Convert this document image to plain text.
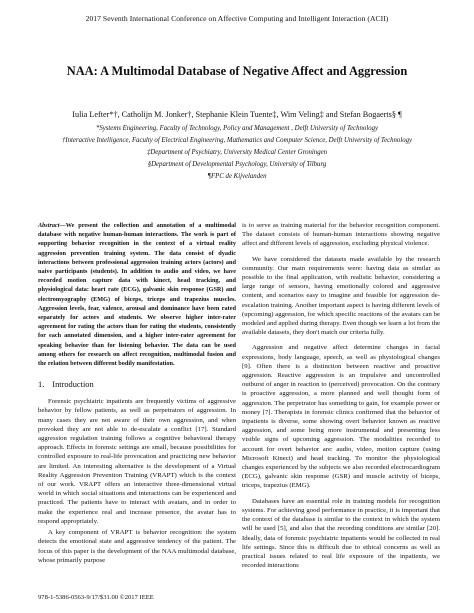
2017 Seventh International Conference on Affective Computing and Intelligent Interaction (ACII)
NAA: A Multimodal Database of Negative Affect and Aggression
Iulia Lefter*†, Catholijn M. Jonker†, Stephanie Klein Tuente‡, Wim Veling‡ and Stefan Bogaerts§ ¶
*Systems Engineering, Faculty of Technology, Policy and Management , Delft University of Technology
†Interactive Intelligence, Faculty of Electrical Engineering, Mathematics and Computer Science, Delft University of Technology
‡Department of Psychiatry, University Medical Center Groningen
§Department of Developmental Psychology, University of Tilburg
¶FPC de Kijvelanden

Abstract—We present the collection and annotation of a multimodal database with negative human-human interactions. The work is part of supporting behavior recognition in the context of a virtual reality aggression prevention training system. The data consist of dyadic interactions between professional aggression training actors (actors) and naive participants (students). In addition to audio and video, we have recorded motion capture data with kinect, head tracking, and physiological data: heart rate (ECG), galvanic skin response (GSR) and electromyography (EMG) of biceps, triceps and trapezius muscles. Aggression levels, fear, valence, arousal and dominance have been rated separately for actors and students. We observe higher inter-rater agreement for rating the actors than for rating the students, consistently for each annotated dimension, and a higher inter-rater agreement for speaking behavior than for listening behavior. The data can be used among others for research on affect recognition, multimodal fusion and the relation between different bodily manifestation.

1. Introduction

Forensic psychiatric inpatients are frequently victims of aggressive behavior by fellow patients, as well as perpetrators of aggression. In many cases they are not aware of their own aggression, and when provoked they are not able to de-escalate a conflict [17]. Standard aggression regulation training follows a cognitive behavioral therapy approach. Effects in forensic settings are small, because possibilities for controlled exposure to real-life provocation and practicing new behavior are limited. An interesting alternative is the development of a Virtual Reality Aggression Prevention Training (VRAPT) which is the context of our work. VRAPT offers an interactive three-dimensional virtual world in which social situations and interactions can be experienced and practiced. The patients have to interact with avatars, and in order to make the experience real and increase presence, the avatar has to respond appropriately.

A key component of VRAPT is behavior recognition: the system detects the emotional state and aggressive tendency of the patient. The focus of this paper is the development of the NAA multimodal database, whose primarily purpose

is to serve as training material for the behavior recognition component. The dataset consists of human-human interactions showing negative affect and different levels of aggression, excluding physical violence.

We have considered the datasets made available by the research community. Our main requirements were: having data as similar as possible to the final application, with realistic behavior, considering a large range of sensors, having emotionally colored and aggressive content, and scenarios easy to imagine and feasible for aggression de-escalation training. Another important aspect is having different levels of (upcoming) aggression, for which specific reactions of the avatars can be modeled and applied during therapy. Even though we learn a lot from the available datasets, they don't match our criteria fully.

Aggression and negative affect determine changes in facial expressions, body language, speech, as well as physiological changes [9]. Often there is a distinction between reactive and proactive aggression. Reactive aggression is an impulsive and uncontrolled outburst of anger in reaction to (perceived) provocation. On the contrary is proactive aggression, a more planned and well thought form of aggression. The perpetrator has something to gain, for example power or money [7]. Therapists in forensic clinics confirmed that the behavior of inpatients is diverse, some showing overt behavior known as reactive aggression, and some being more instrumental and presenting less visible signs of upcoming aggression. The modalities recorded to account for overt behavior are: audio, video, motion capture (using Microsoft Kinect) and head tracking. To monitor the physiological changes experienced by the subjects we also recorded electrocardiogram (ECG), galvanic skin response (GSR) and muscle activity of biceps, triceps, trapezius (EMG).

Databases have an essential role in training models for recognition systems. For achieving good performance in practice, it is important that the context of the database is similar to the context in which the system will be used [5], and also that the recording conditions are similar [20]. Ideally, data of forensic psychiatric inpatients would be collected in real life settings. Since this is difficult due to ethical concerns as well as practical issues related to real life exposure of the inpatients, we recorded interactions

978-1-5386-0563-9/17/$31.00 ©2017 IEEE
